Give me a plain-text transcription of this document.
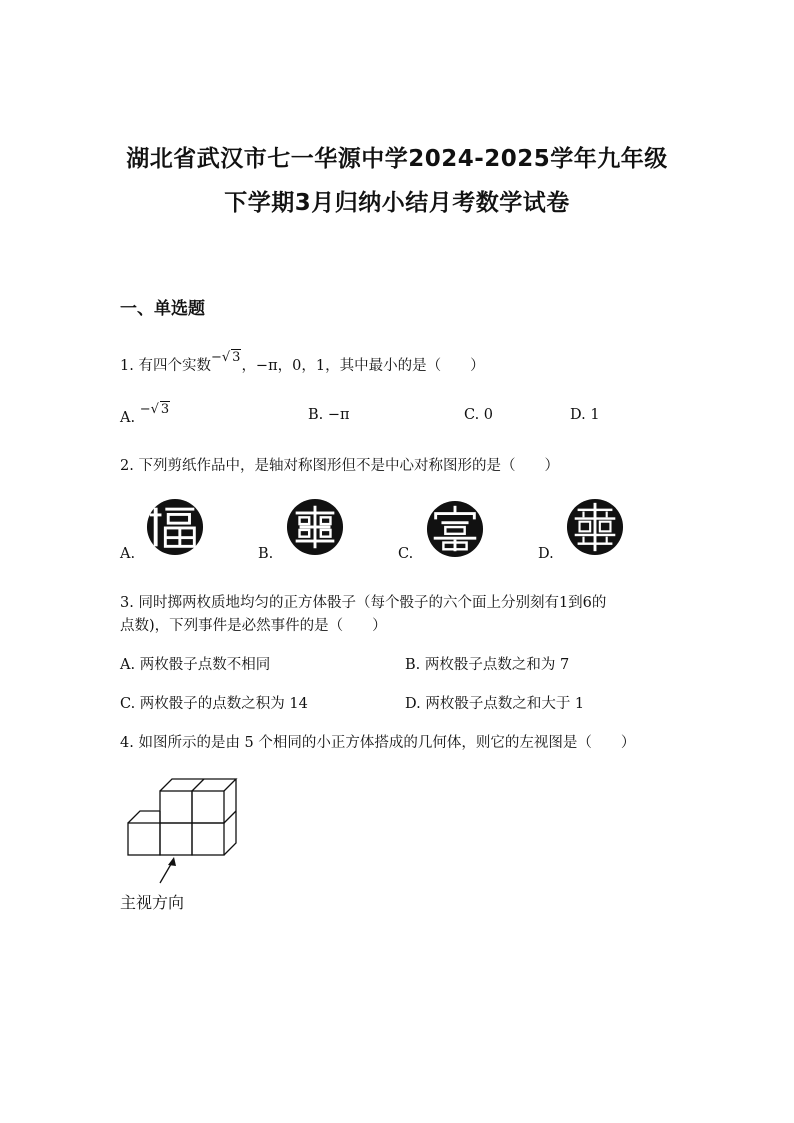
湖北省武汉市七一华源中学2024-2025学年九年级
下学期3月归纳小结月考数学试卷
一、单选题
1. 有四个实数−√ 3，−π，0，1，其中最小的是（　　）
A. −√ 3	B. −π	C. 0	D. 1
2. 下列剪纸作品中，是轴对称图形但不是中心对称图形的是（　　）
A.	B.	C.	D.
3. 同时掷两枚质地均匀的正方体骰子（每个骰子的六个面上分别刻有1到6的
点数)，下列事件是必然事件的是（　　）
A. 两枚骰子点数不相同	B. 两枚骰子点数之和为 7
C. 两枚骰子的点数之积为 14	D. 两枚骰子点数之和大于 1
4. 如图所示的是由 5 个相同的小正方体搭成的几何体，则它的左视图是（　　）
主视方向
